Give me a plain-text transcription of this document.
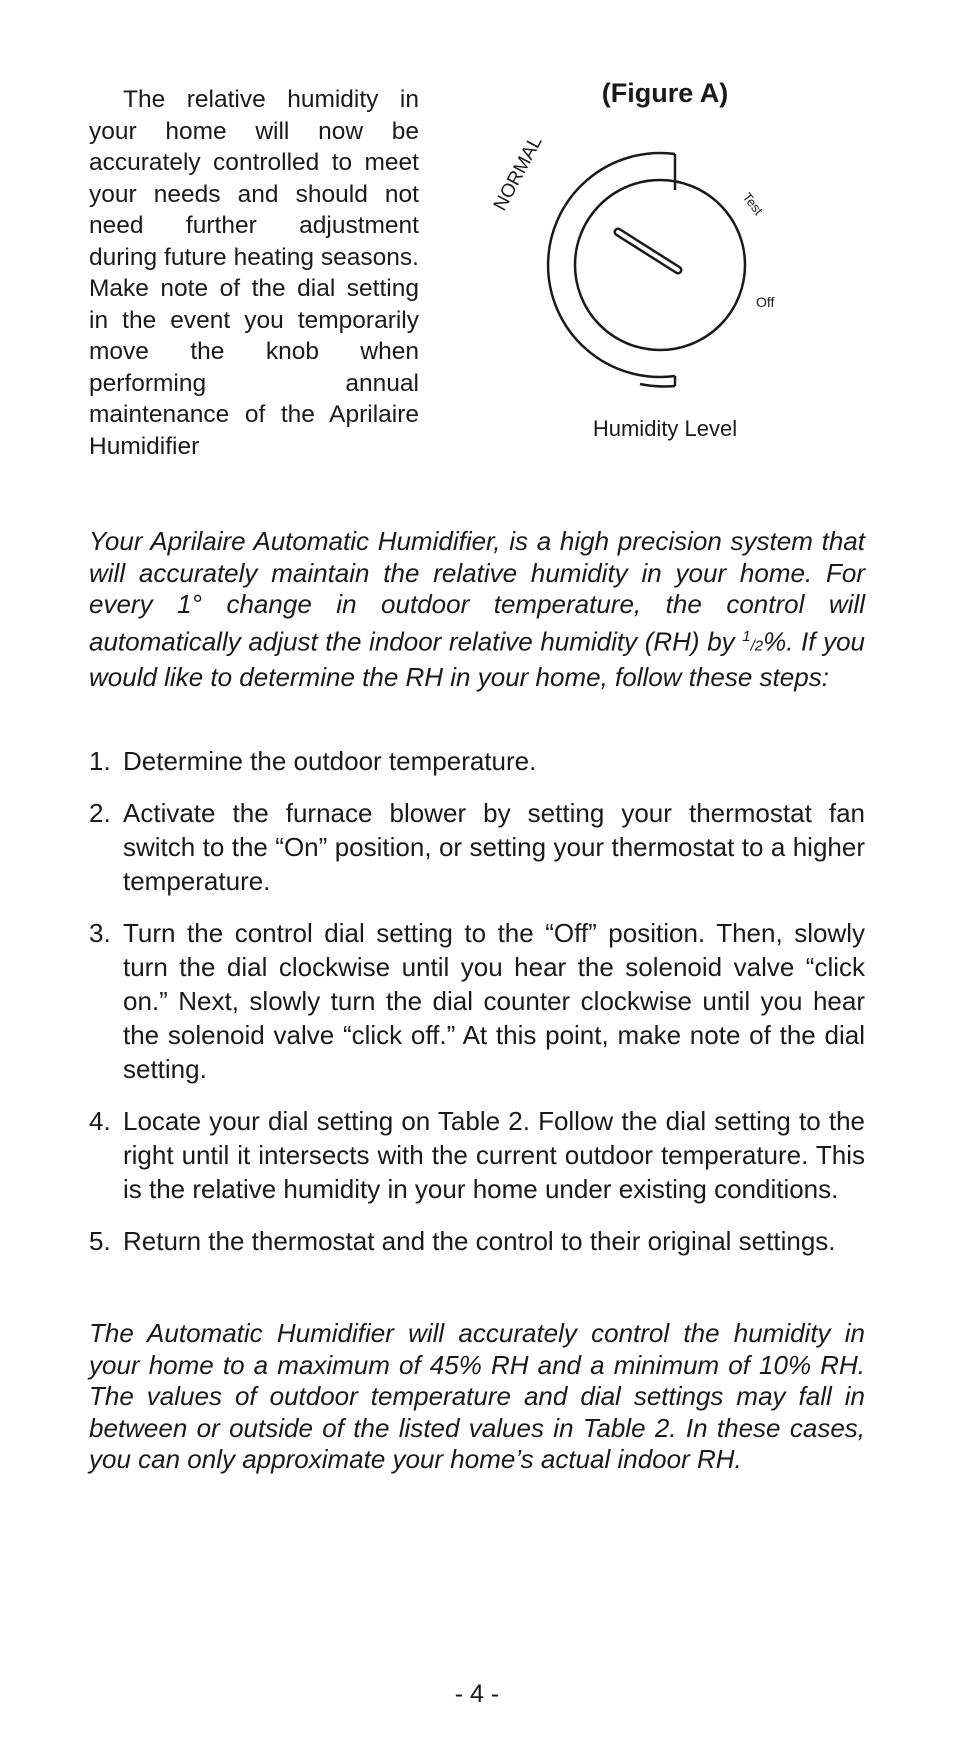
The relative humidity in your home will now be accurately controlled to meet your needs and should not need further adjustment during future heating seasons. Make note of the dial setting in the event you temporarily move the knob when performing annual maintenance of the Aprilaire Humidifier

(Figure A)

NORMAL	Test
Off

Humidity Level

Your Aprilaire Automatic Humidifier, is a high precision system that will accurately maintain the relative humidity in your home. For every 1° change in outdoor temperature, the control will automatically adjust the indoor relative humidity (RH) by $^1$/2%. If you would like to determine the RH in your home, follow these steps:

1. Determine the outdoor temperature.
2. Activate the furnace blower by setting your thermostat fan switch to the “On” position, or setting your thermostat to a higher temperature.
3. Turn the control dial setting to the “Off” position. Then, slowly turn the dial clockwise until you hear the solenoid valve “click on.” Next, slowly turn the dial counter clockwise until you hear the solenoid valve “click off.” At this point, make note of the dial setting.
4. Locate your dial setting on Table 2. Follow the dial setting to the right until it intersects with the current outdoor temperature. This is the relative humidity in your home under existing conditions.
5. Return the thermostat and the control to their original settings.

The Automatic Humidifier will accurately control the humidity in your home to a maximum of 45% RH and a minimum of 10% RH. The values of outdoor temperature and dial settings may fall in between or outside of the listed values in Table 2. In these cases, you can only approximate your home’s actual indoor RH.

- 4 -
